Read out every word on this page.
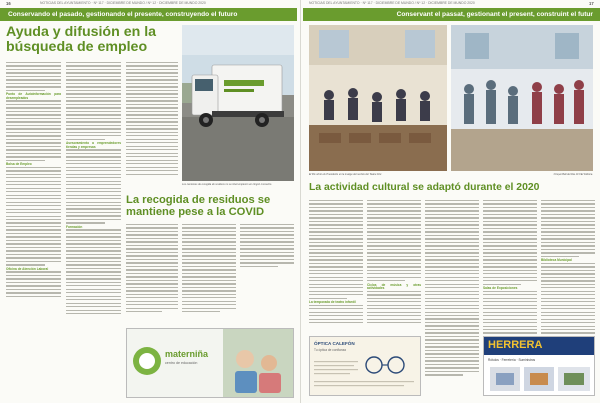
16	NOTICIAS DEL AYUNTAMIENTO · Nº 117 · DICIEMBRE DE MUNDO / Nº 12 · DICIEMBRE DE MUNDO 2020
Conservando el pasado, gestionando el presente, construyendo el futuro
Ayuda y difusión en la
búsqueda de empleo
Punto de Autoinformación para desempleados
Bolsa de Empleo
Oficina de Atención Laboral
Asesoramiento a emprendedores tiendas y empresas
Formación
Los camiones de recogida de residuos no se interrumpieron en ningún momento.
La recogida de residuos se
mantiene pese a la COVID
materniña
centro de educación
NOTICIAS DEL AYUNTAMIENTO · Nº 117 · DICIEMBRE DE MUNDO / Nº 12 · DICIEMBRE DE MUNDO 2020	17
Conservant el passat, gestionant el present, construint el futur
El Ple obrió els Presidents en la imatge del recinte del Teatre Flor.	Cinquè Ball del Dia 10 CEI Fàbrica.
La actividad cultural se adaptó durante el 2020
La temporada de teatro infantil
Ciclos de música y otras actividades	Salas de Exposiciones
Biblioteca Municipal
ÓPTICA CALEFÓN
Tu óptica de confianza	HERRERA
Rótulos · Ferretería · Suministros
